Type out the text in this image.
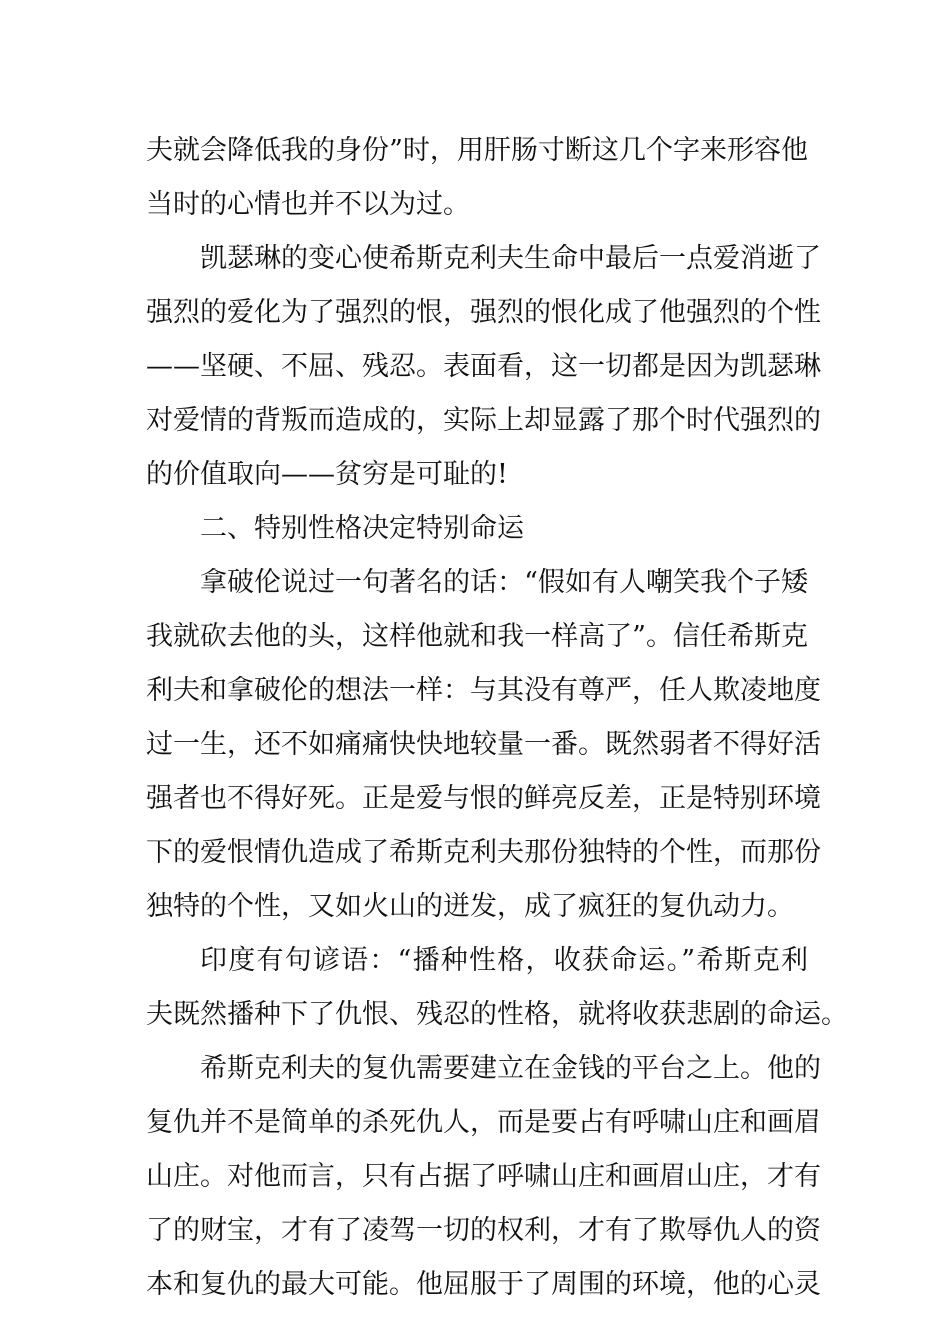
夫就会降低我的身份”时，用肝肠寸断这几个字来形容他
当时的心情也并不以为过。
凯瑟琳的变心使希斯克利夫生命中最后一点爱消逝了
强烈的爱化为了强烈的恨，强烈的恨化成了他强烈的个性
——坚硬、不屈、残忍。表面看，这一切都是因为凯瑟琳
对爱情的背叛而造成的，实际上却显露了那个时代强烈的
的价值取向——贫穷是可耻的!
二、特别性格决定特别命运
拿破伦说过一句著名的话：“假如有人嘲笑我个子矮
我就砍去他的头，这样他就和我一样高了”。信任希斯克
利夫和拿破伦的想法一样：与其没有尊严，任人欺凌地度
过一生，还不如痛痛快快地较量一番。既然弱者不得好活
强者也不得好死。正是爱与恨的鲜亮反差，正是特别环境
下的爱恨情仇造成了希斯克利夫那份独特的个性，而那份
独特的个性，又如火山的迸发，成了疯狂的复仇动力。
印度有句谚语：“播种性格，收获命运。”希斯克利
夫既然播种下了仇恨、残忍的性格，就将收获悲剧的命运。
希斯克利夫的复仇需要建立在金钱的平台之上。他的
复仇并不是简单的杀死仇人，而是要占有呼啸山庄和画眉
山庄。对他而言，只有占据了呼啸山庄和画眉山庄，才有
了的财宝，才有了凌驾一切的权利，才有了欺辱仇人的资
本和复仇的最大可能。他屈服于了周围的环境，他的心灵
